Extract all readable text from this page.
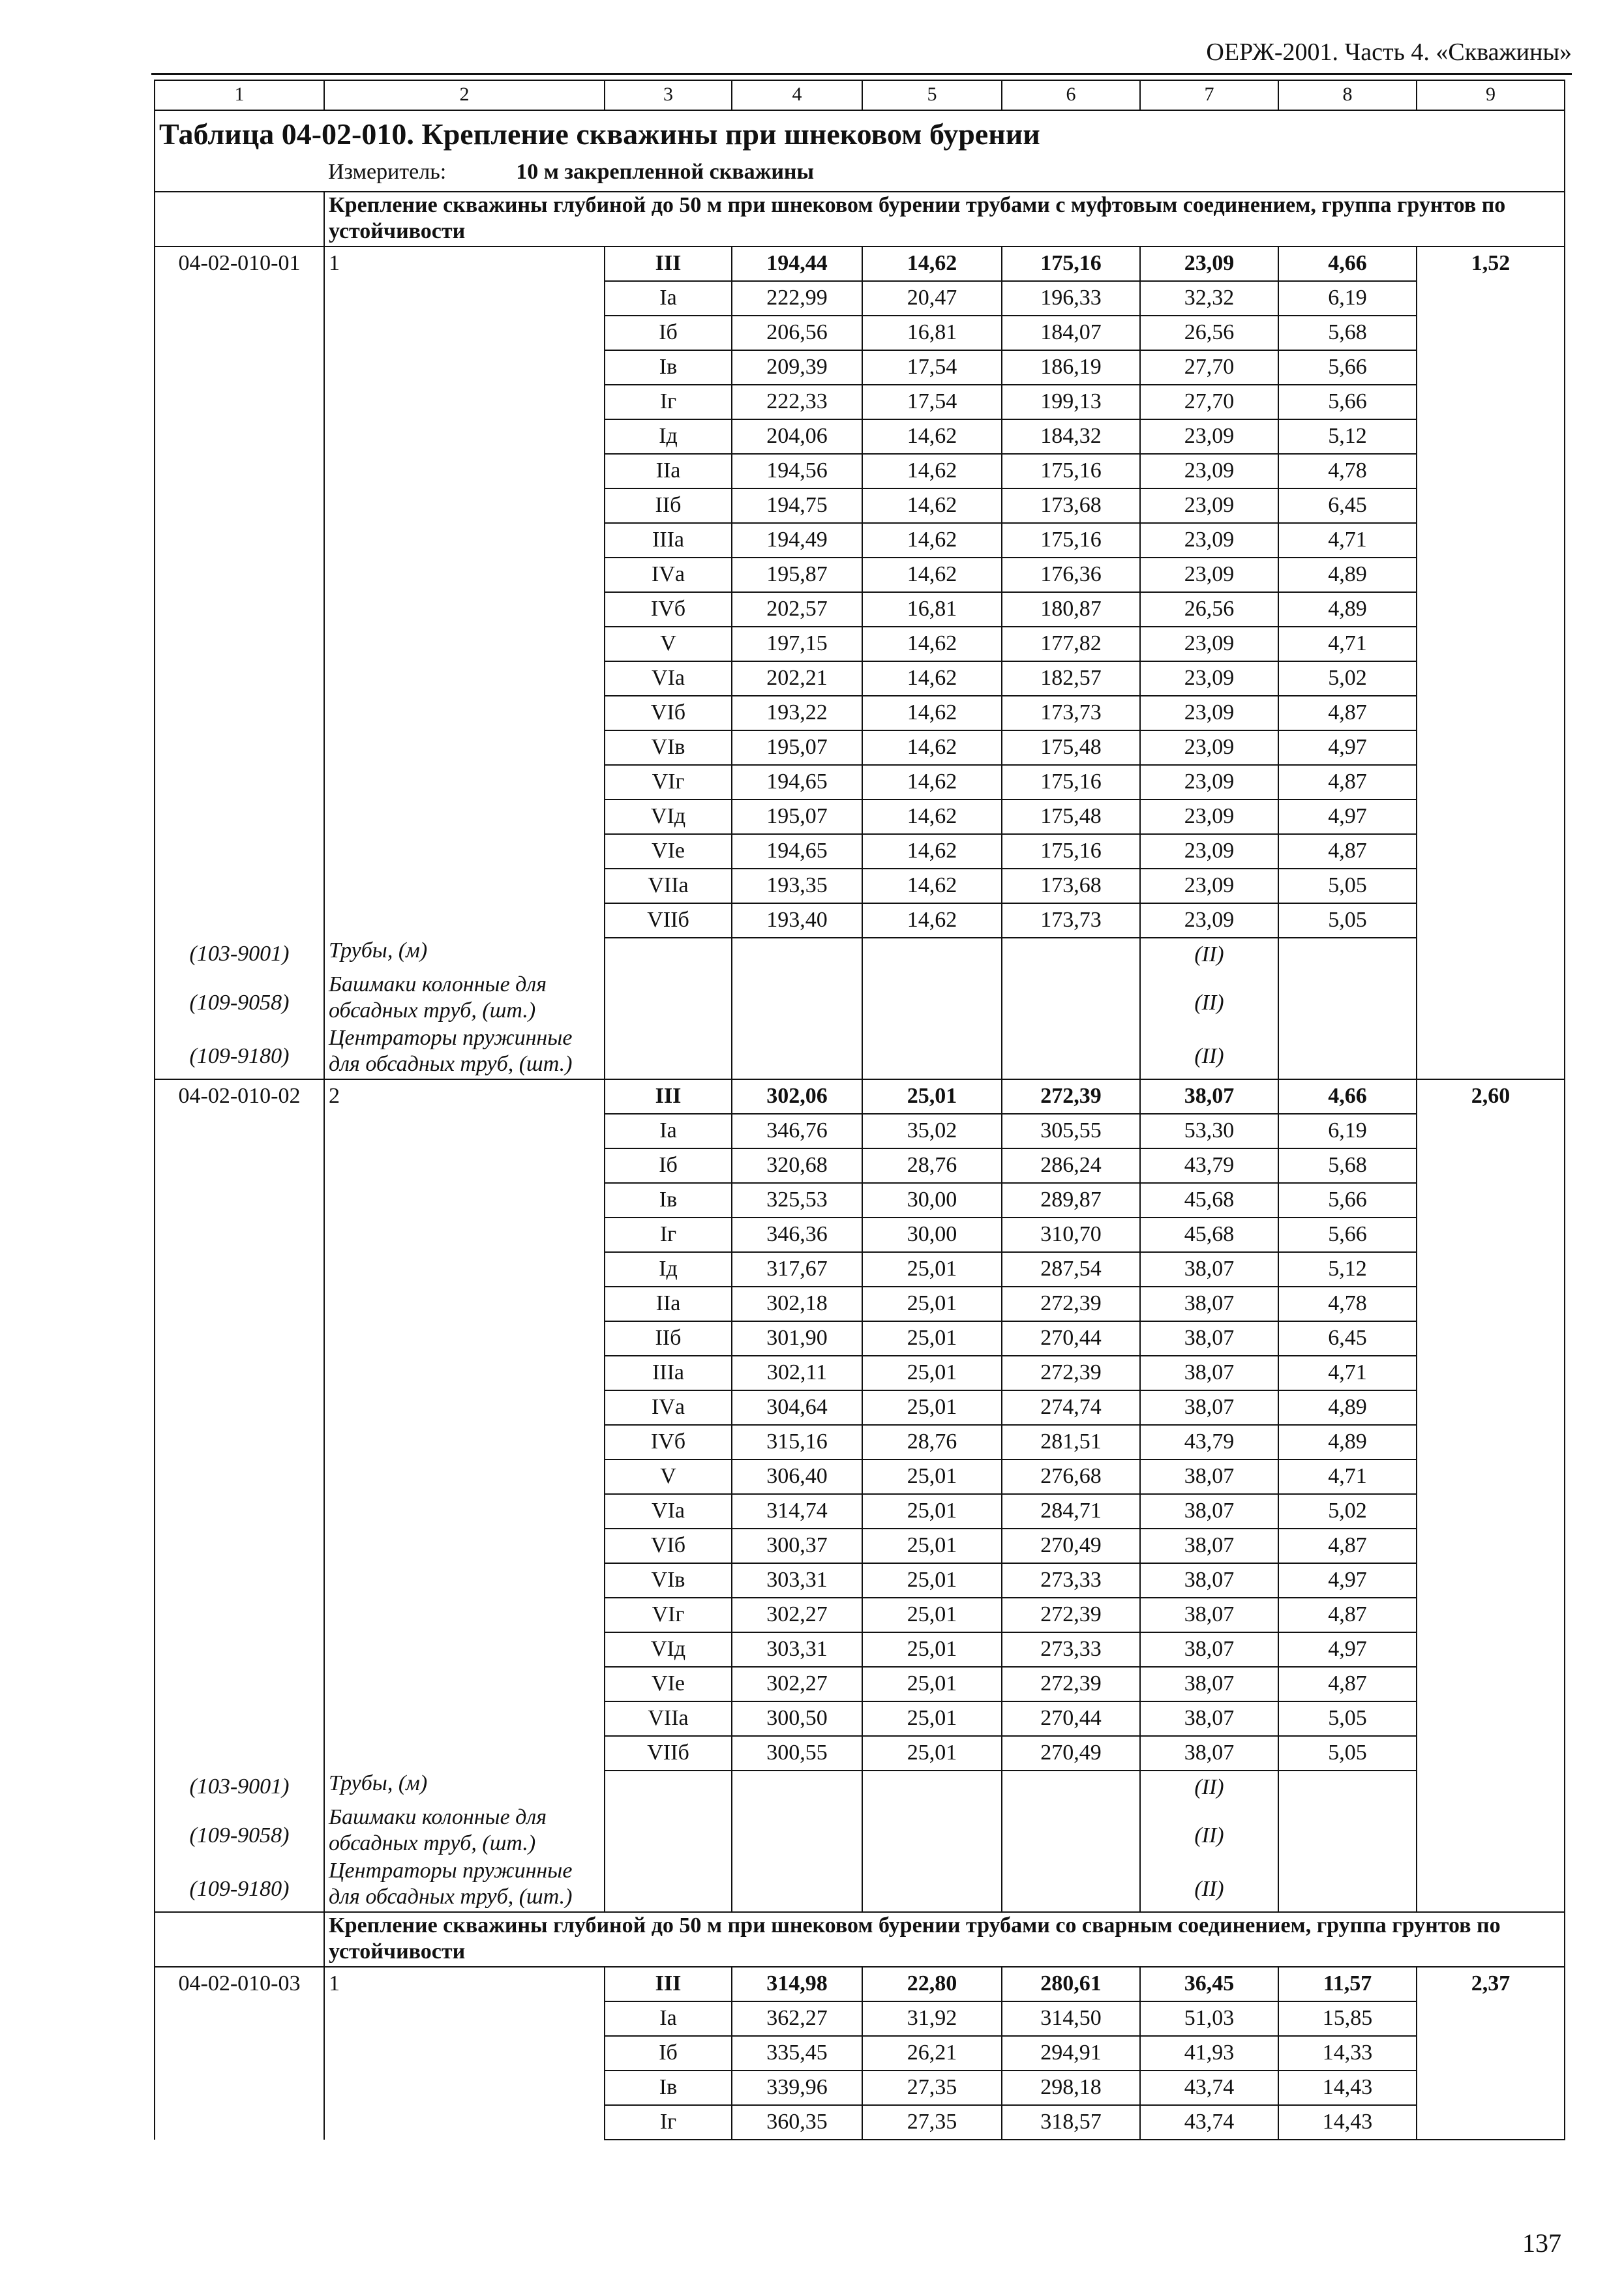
ОЕРЖ-2001. Часть 4. «Скважины»
1	2	3	4	5	6	7	8	9
Таблица 04-02-010. Крепление скважины при шнековом бурении								
	Измеритель: 10 м закрепленной скважины							
	Крепление скважины глубиной до 50 м при шнековом бурении трубами с муфтовым соединением, группа грунтов по устойчивости							
04-02-010-01	1	III	194,44	14,62	175,16	23,09	4,66	1,52
		Iа	222,99	20,47	196,33	32,32	6,19	
		Iб	206,56	16,81	184,07	26,56	5,68	
		Iв	209,39	17,54	186,19	27,70	5,66	
		Iг	222,33	17,54	199,13	27,70	5,66	
		Iд	204,06	14,62	184,32	23,09	5,12	
		IIа	194,56	14,62	175,16	23,09	4,78	
		IIб	194,75	14,62	173,68	23,09	6,45	
		IIIа	194,49	14,62	175,16	23,09	4,71	
		IVа	195,87	14,62	176,36	23,09	4,89	
		IVб	202,57	16,81	180,87	26,56	4,89	
		V	197,15	14,62	177,82	23,09	4,71	
		VIа	202,21	14,62	182,57	23,09	5,02	
		VIб	193,22	14,62	173,73	23,09	4,87	
		VIв	195,07	14,62	175,48	23,09	4,97	
		VIг	194,65	14,62	175,16	23,09	4,87	
		VIд	195,07	14,62	175,48	23,09	4,97	
		VIе	194,65	14,62	175,16	23,09	4,87	
		VIIа	193,35	14,62	173,68	23,09	5,05	
		VIIб	193,40	14,62	173,73	23,09	5,05	
(103-9001)	Трубы, (м)					(II)		
(109-9058)	Башмаки колонные для обсадных труб, (шт.)					(II)		
(109-9180)	Центраторы пружинные для обсадных труб, (шт.)					(II)		
04-02-010-02	2	III	302,06	25,01	272,39	38,07	4,66	2,60
		Iа	346,76	35,02	305,55	53,30	6,19	
		Iб	320,68	28,76	286,24	43,79	5,68	
		Iв	325,53	30,00	289,87	45,68	5,66	
		Iг	346,36	30,00	310,70	45,68	5,66	
		Iд	317,67	25,01	287,54	38,07	5,12	
		IIа	302,18	25,01	272,39	38,07	4,78	
		IIб	301,90	25,01	270,44	38,07	6,45	
		IIIа	302,11	25,01	272,39	38,07	4,71	
		IVа	304,64	25,01	274,74	38,07	4,89	
		IVб	315,16	28,76	281,51	43,79	4,89	
		V	306,40	25,01	276,68	38,07	4,71	
		VIа	314,74	25,01	284,71	38,07	5,02	
		VIб	300,37	25,01	270,49	38,07	4,87	
		VIв	303,31	25,01	273,33	38,07	4,97	
		VIг	302,27	25,01	272,39	38,07	4,87	
		VIд	303,31	25,01	273,33	38,07	4,97	
		VIе	302,27	25,01	272,39	38,07	4,87	
		VIIа	300,50	25,01	270,44	38,07	5,05	
		VIIб	300,55	25,01	270,49	38,07	5,05	
(103-9001)	Трубы, (м)					(II)		
(109-9058)	Башмаки колонные для обсадных труб, (шт.)					(II)		
(109-9180)	Центраторы пружинные для обсадных труб, (шт.)					(II)		
	Крепление скважины глубиной до 50 м при шнековом бурении трубами со сварным соединением, группа грунтов по устойчивости							
04-02-010-03	1	III	314,98	22,80	280,61	36,45	11,57	2,37
		Iа	362,27	31,92	314,50	51,03	15,85	
		Iб	335,45	26,21	294,91	41,93	14,33	
		Iв	339,96	27,35	298,18	43,74	14,43	
		Iг	360,35	27,35	318,57	43,74	14,43	
137
